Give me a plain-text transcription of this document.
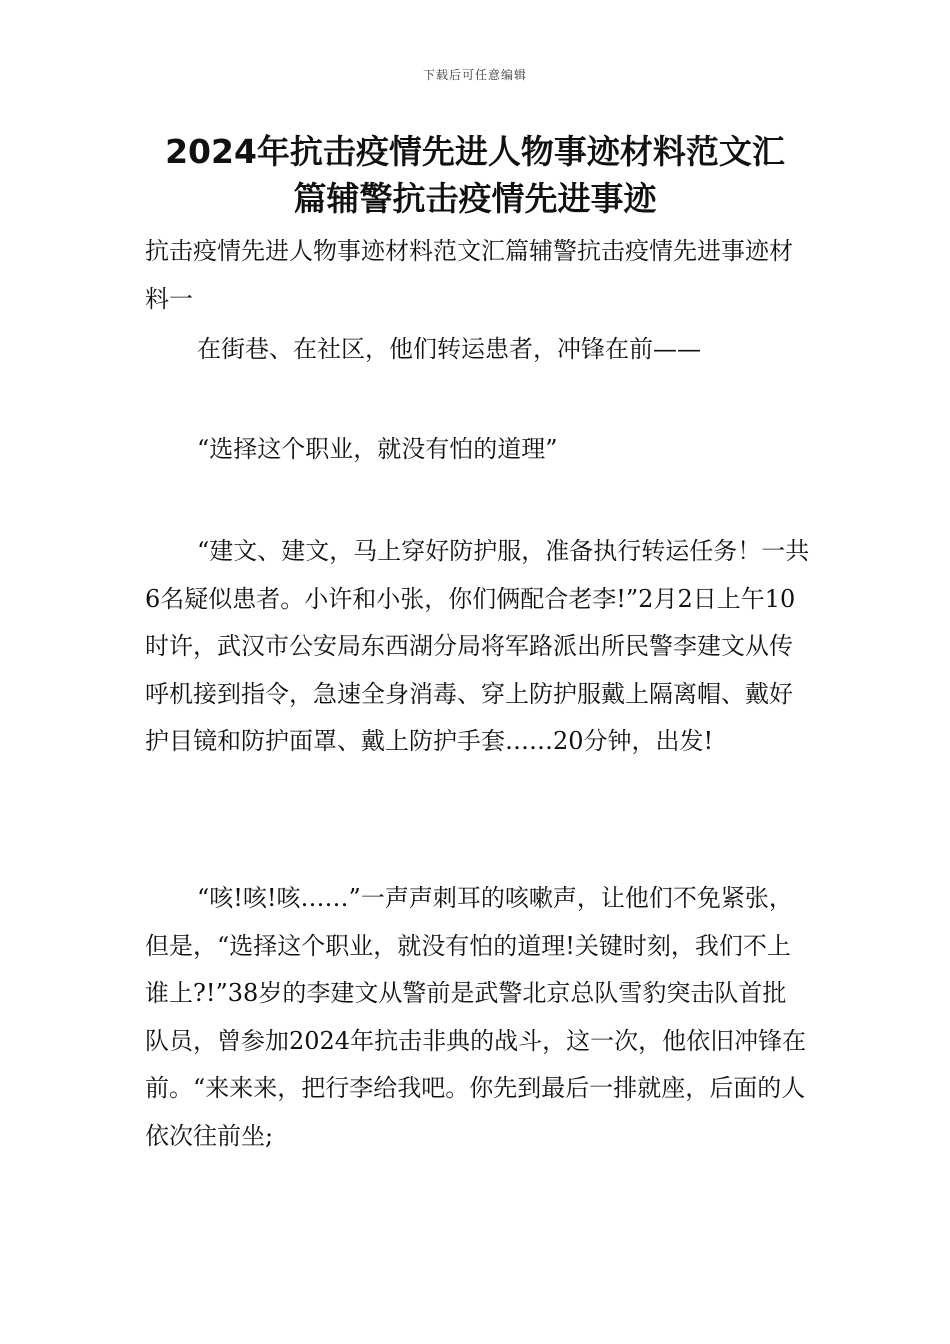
下载后可任意编辑
2024年抗击疫情先进人物事迹材料范文汇
篇辅警抗击疫情先进事迹
抗击疫情先进人物事迹材料范文汇篇辅警抗击疫情先进事迹材料一

在街巷、在社区，他们转运患者，冲锋在前——

“选择这个职业，就没有怕的道理”

“建文、建文，马上穿好防护服，准备执行转运任务！一共6名疑似患者。小许和小张，你们俩配合老李!”2月2日上午10时许，武汉市公安局东西湖分局将军路派出所民警李建文从传呼机接到指令，急速全身消毒、穿上防护服戴上隔离帽、戴好护目镜和防护面罩、戴上防护手套……20分钟，出发!

“咳!咳!咳……”一声声刺耳的咳嗽声，让他们不免紧张，但是，“选择这个职业，就没有怕的道理!关键时刻，我们不上谁上?!”38岁的李建文从警前是武警北京总队雪豹突击队首批队员，曾参加2024年抗击非典的战斗，这一次，他依旧冲锋在前。“来来来，把行李给我吧。你先到最后一排就座，后面的人依次往前坐;
